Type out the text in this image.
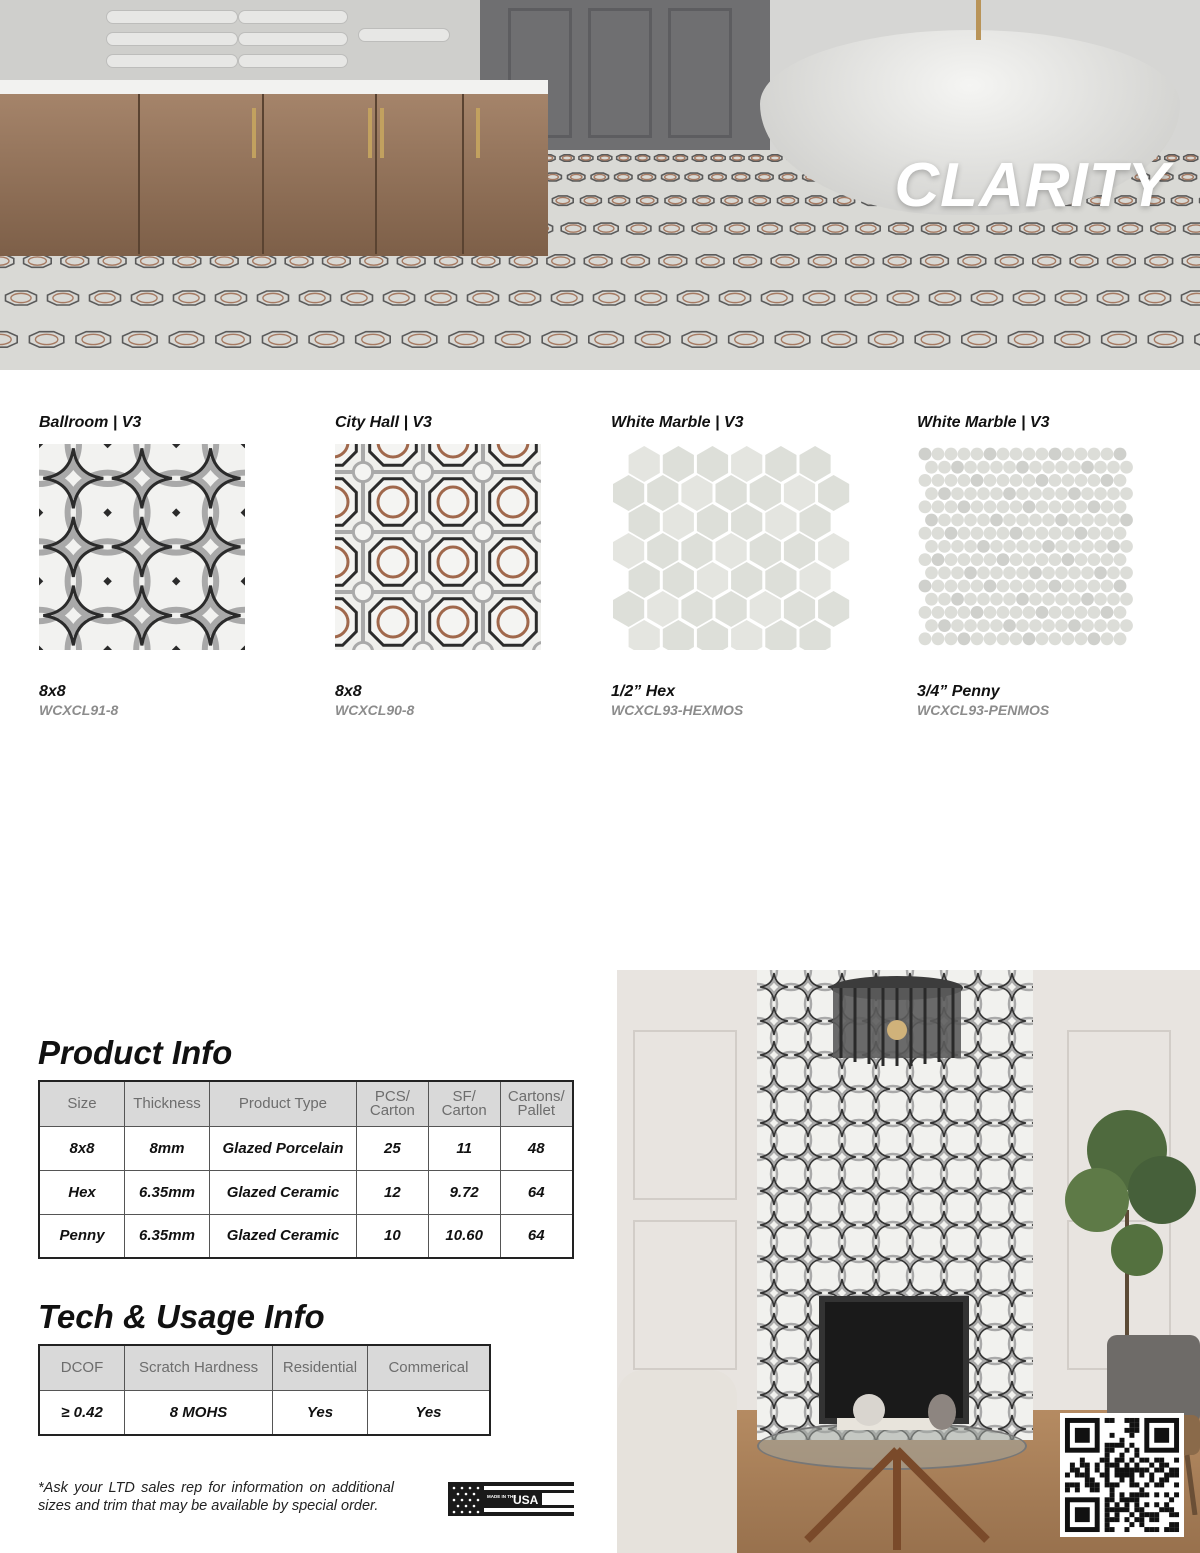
CLARITY
Ballroom | V3
8x8
WCXCL91-8
City Hall | V3
8x8
WCXCL90-8
White Marble | V3
1/2” Hex
WCXCL93-HEXMOS
White Marble | V3
3/4” Penny
WCXCL93-PENMOS
Product Info
Size	Thickness	Product Type	PCS/ Carton	SF/ Carton	Cartons/ Pallet
8x8	8mm	Glazed Porcelain	25	11	48
Hex	6.35mm	Glazed Ceramic	12	9.72	64
Penny	6.35mm	Glazed Ceramic	10	10.60	64
Tech & Usage Info
DCOF	Scratch Hardness	Residential	Commerical
≥ 0.42	8 MOHS	Yes	Yes
*Ask your LTD sales rep for information on additional sizes and trim that may be available by special order.
MADE IN THE
USA
